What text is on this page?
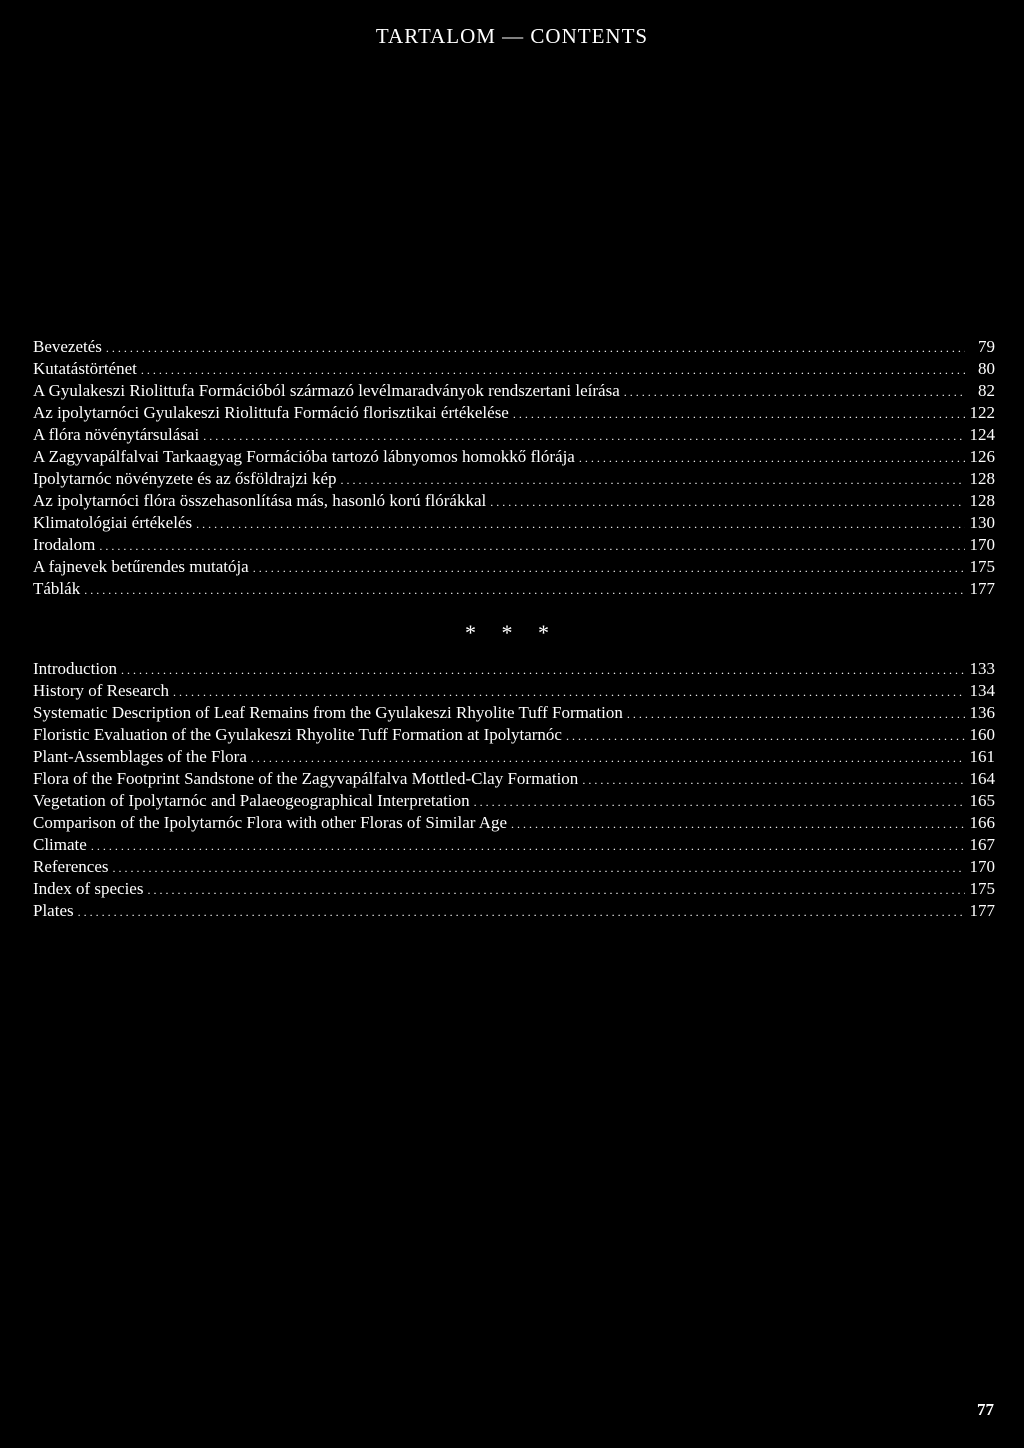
TARTALOM — CONTENTS
Bevezetés .....	79
Kutatástörténet .....	80
A Gyulakeszi Riolittufa Formációból származó levélmaradványok rendszertani leírása .....	82
Az ipolytarnóci Gyulakeszi Riolittufa Formáció florisztikai értékelése .....	122
A flóra növénytársulásai .....	124
A Zagyvapálfalvai Tarkaagyag Formációba tartozó lábnyomos homokkő flórája .....	126
Ipolytarnóc növényzete és az ősföldrajzi kép .....	128
Az ipolytarnóci flóra összehasonlítása más, hasonló korú flórákkal .....	128
Klimatológiai értékelés .....	130
Irodalom .....	170
A fajnevek betűrendes mutatója .....	175
Táblák .....	177
* * *
Introduction .....	133
History of Research .....	134
Systematic Description of Leaf Remains from the Gyulakeszi Rhyolite Tuff Formation .....	136
Floristic Evaluation of the Gyulakeszi Rhyolite Tuff Formation at Ipolytarnóc .....	160
Plant-Assemblages of the Flora .....	161
Flora of the Footprint Sandstone of the Zagyvapálfalva Mottled-Clay Formation .....	164
Vegetation of Ipolytarnóc and Palaeogeographical Interpretation .....	165
Comparison of the Ipolytarnóc Flora with other Floras of Similar Age .....	166
Climate .....	167
References .....	170
Index of species .....	175
Plates .....	177
77
